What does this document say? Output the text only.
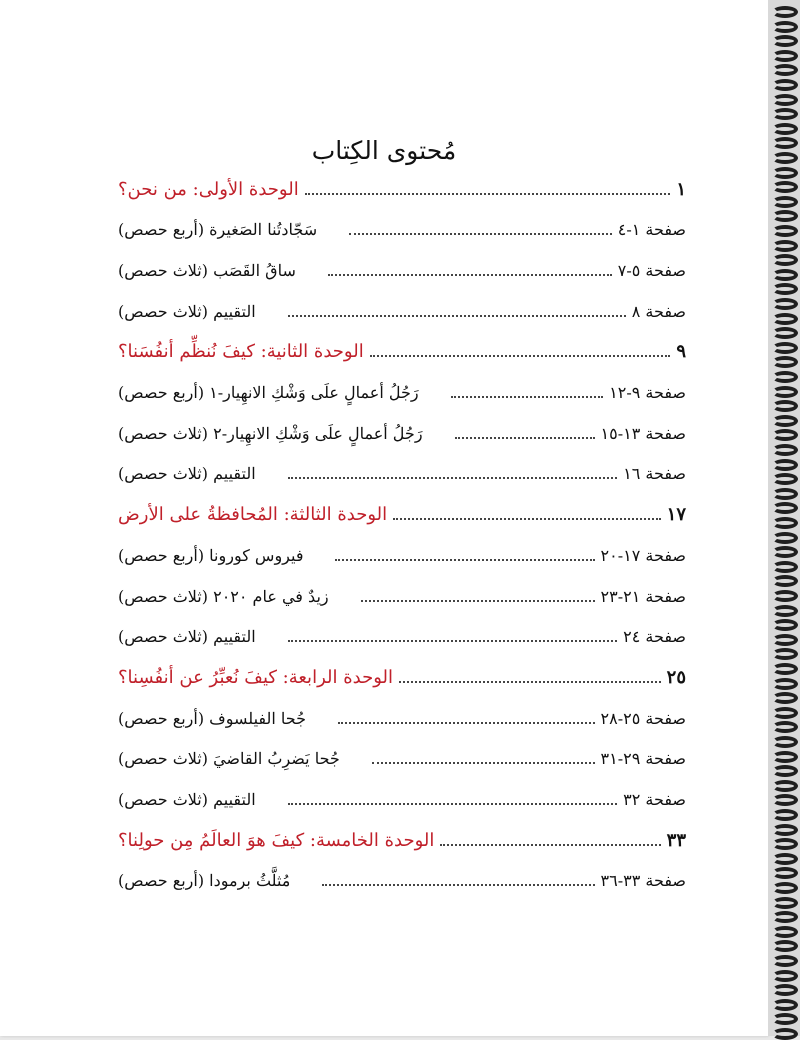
مُحتوى الكِتاب
الوحدة الأولى: من نحن؟	١
سَجّادتُنا الصَغيرة (أربع حصص)	صفحة ١-٤
ساقُ القَصَب (ثلاث حصص)	صفحة ٥-٧
التقييم (ثلاث حصص)	صفحة ٨
الوحدة الثانية: كيفَ نُنظِّم أنفُسَنا؟	٩
رَجُلُ أعمالٍ علَى وَشْكِ الانهِيار-١ (أربع حصص)	صفحة ٩-١٢
رَجُلُ أعمالٍ علَى وَشْكِ الانهِيار-٢ (ثلاث حصص)	صفحة ١٣-١٥
التقييم (ثلاث حصص)	صفحة ١٦
الوحدة الثالثة: المُحافظةُ على الأرض	١٧
فيروس كورونا (أربع حصص)	صفحة ١٧-٢٠
زيدٌ في عام ٢٠٢٠ (ثلاث حصص)	صفحة ٢١-٢٣
التقييم (ثلاث حصص)	صفحة ٢٤
الوحدة الرابعة: كيفَ نُعبِّرُ عن أنفُسِنا؟	٢٥
جُحا الفيلسوف (أربع حصص)	صفحة ٢٥-٢٨
جُحا يَضرِبُ القاضيَ (ثلاث حصص)	صفحة ٢٩-٣١
التقييم (ثلاث حصص)	صفحة ٣٢
الوحدة الخامسة: كيفَ هوَ العالَمُ مِن حولِنا؟	٣٣
مُثلَّثُ برمودا (أربع حصص)	صفحة ٣٣-٣٦
